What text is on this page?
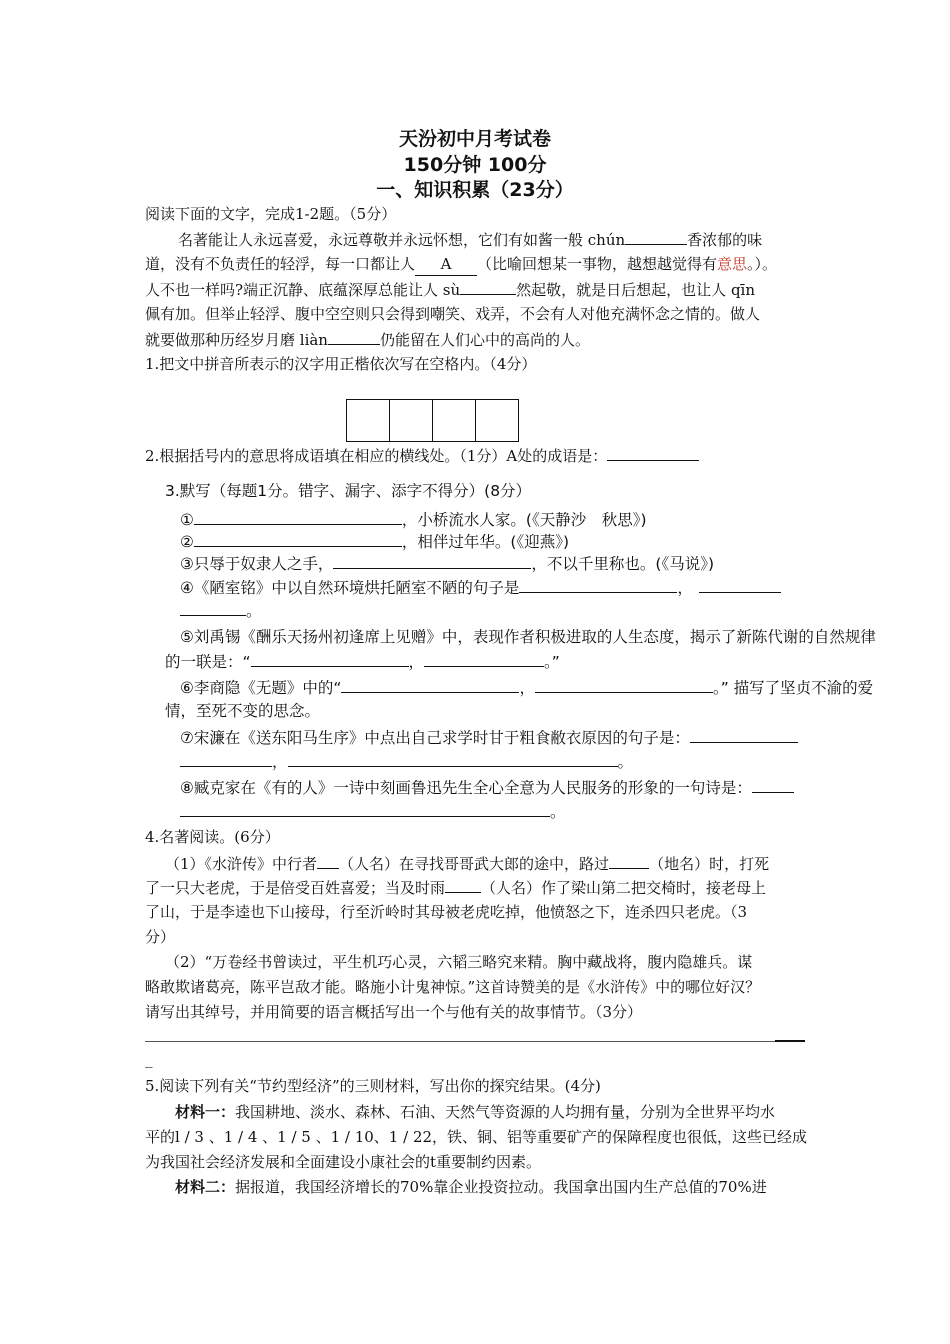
天汾初中月考试卷
150分钟 100分
一、知识积累（23分）
阅读下面的文字，完成1-2题。（5分）
名著能让人永远喜爱，永远尊敬并永远怀想，它们有如酱一般 chún	香浓郁的味
道，没有不负责任的轻浮，每一口都让人 A （比喻回想某一事物，越想越觉得有意思。）。
人不也一样吗?端正沉静、底蕴深厚总能让人 sù	然起敬，就是日后想起，也让人 qīn
佩有加。但举止轻浮、腹中空空则只会得到嘲笑、戏弄，不会有人对他充满怀念之情的。做人
就要做那种历经岁月磨 liàn	仍能留在人们心中的高尚的人。
1.把文中拼音所表示的汉字用正楷依次写在空格内。（4分）
2.根据括号内的意思将成语填在相应的横线处。（1分）A处的成语是：
3.默写（每题1分。错字、漏字、添字不得分）(8分）
①	，小桥流水人家。(《天静沙　秋思》)
②	，相伴过年华。(《迎燕》)
③只辱于奴隶人之手，	，不以千里称也。(《马说》)
④《陋室铭》中以自然环境烘托陋室不陋的句子是	，
。
⑤刘禹锡《酬乐天扬州初逢席上见赠》中，表现作者积极进取的人生态度，揭示了新陈代谢的自然规律
的一联是：“	，	。”
⑥李商隐《无题》中的“	，	。” 描写了坚贞不渝的爱
情，至死不变的思念。
⑦宋濂在《送东阳马生序》中点出自己求学时甘于粗食敝衣原因的句子是：
，	。
⑧臧克家在《有的人》一诗中刻画鲁迅先生全心全意为人民服务的形象的一句诗是：
。
4.名著阅读。(6分）
（1）《水浒传》中行者 （人名）在寻找哥哥武大郎的途中，路过	（地名）时，打死
了一只大老虎，于是倍受百姓喜爱；当及时雨 （人名）作了梁山第二把交椅时，接老母上
了山，于是李逵也下山接母，行至沂岭时其母被老虎吃掉，他愤怒之下，连杀四只老虎。（3
分）
（2）“万卷经书曾读过，平生机巧心灵，六韬三略究来精。胸中藏战将，腹内隐雄兵。谋
略敢欺诸葛亮，陈平岂敌才能。略施小计鬼神惊。”这首诗赞美的是《水浒传》中的哪位好汉？
请写出其绰号，并用简要的语言概括写出一个与他有关的故事情节。（3分）
_
5.阅读下列有关“节约型经济”的三则材料，写出你的探究结果。(4分)
材料一：我国耕地、淡水、森林、石油、天然气等资源的人均拥有量，分别为全世界平均水
平的l / 3 、1 / 4 、1 / 5 、1 / 10、1 / 22，铁、铜、铝等重要矿产的保障程度也很低，这些已经成
为我国社会经济发展和全面建设小康社会的t重要制约因素。
材料二：据报道，我国经济增长的70%靠企业投资拉动。我国拿出国内生产总值的70%进
